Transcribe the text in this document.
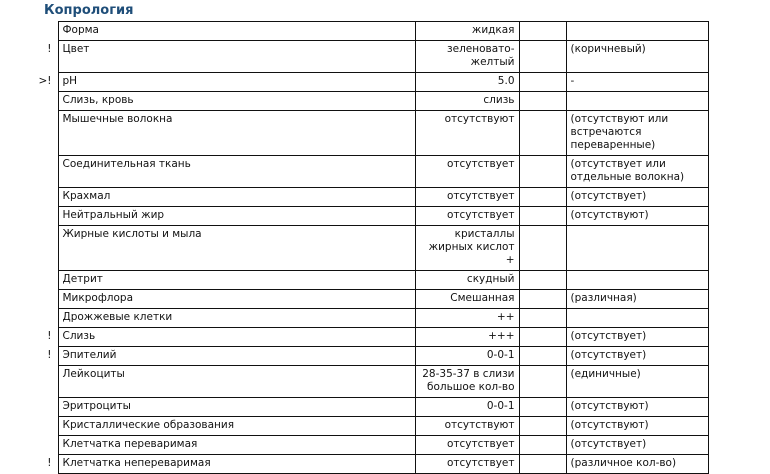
Копрология
	Форма	жидкая			
!	Цвет	зеленовато-желтый		(коричневый)	
>!	pH	5.0		-	
	Слизь, кровь	слизь			
	Мышечные волокна	отсутствуют		(отсутствуют или встречаются переваренные)	
	Соединительная ткань	отсутствует		(отсутствует или отдельные волокна)	
	Крахмал	отсутствует		(отсутствует)	
	Нейтральный жир	отсутствует		(отсутствуют)	
	Жирные кислоты и мыла	кристаллы жирных кислот +			
	Детрит	скудный			
	Микрофлора	Смешанная		(различная)	
	Дрожжевые клетки	++			
!	Слизь	+++		(отсутствует)	
!	Эпителий	0-0-1		(отсутствует)	
	Лейкоциты	28-35-37 в слизи большое кол-во		(единичные)	
	Эритроциты	0-0-1		(отсутствуют)	
	Кристаллические образования	отсутствуют		(отсутствуют)	
	Клетчатка переваримая	отсутствует		(отсутствует)	
!	Клетчатка непереваримая	отсутствует		(различное кол-во)	
